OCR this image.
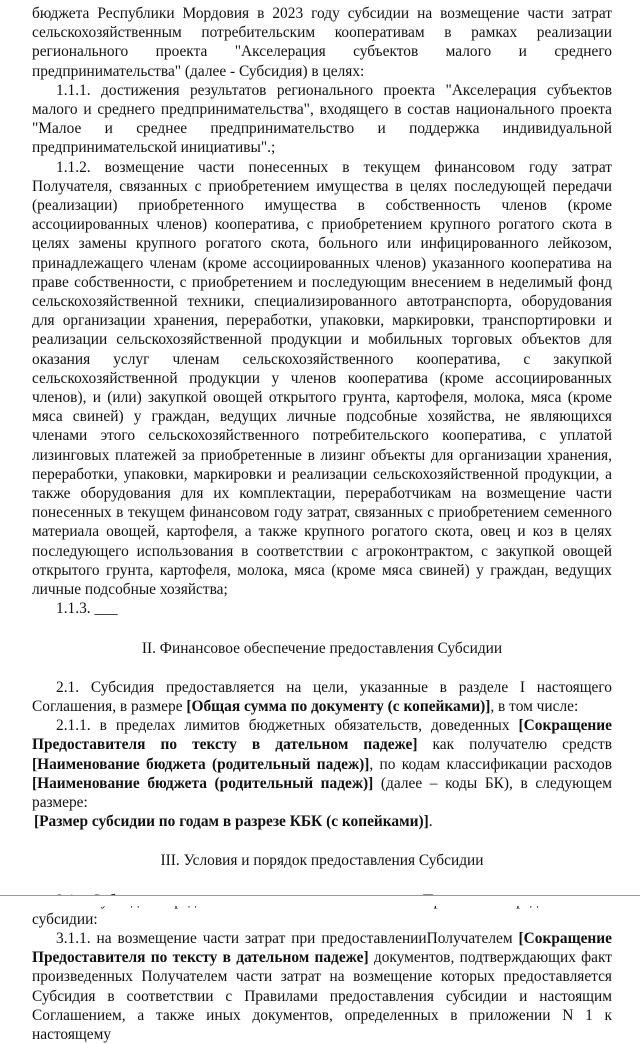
бюджета Республики Мордовия в 2023 году субсидии на возмещение части затрат сельскохозяйственным потребительским кооперативам в рамках реализации регионального проекта "Акселерация субъектов малого и среднего предпринимательства" (далее - Субсидия) в целях:

1.1.1. достижения результатов регионального проекта "Акселерация субъектов малого и среднего предпринимательства", входящего в состав национального проекта "Малое и среднее предпринимательство и поддержка индивидуальной предпринимательской инициативы".;

1.1.2. возмещение части понесенных в текущем финансовом году затрат Получателя, связанных с приобретением имущества в целях последующей передачи (реализации) приобретенного имущества в собственность членов (кроме ассоциированных членов) кооператива, с приобретением крупного рогатого скота в целях замены крупного рогатого скота, больного или инфицированного лейкозом, принадлежащего членам (кроме ассоциированных членов) указанного кооператива на праве собственности, с приобретением и последующим внесением в неделимый фонд сельскохозяйственной техники, специализированного автотранспорта, оборудования для организации хранения, переработки, упаковки, маркировки, транспортировки и реализации сельскохозяйственной продукции и мобильных торговых объектов для оказания услуг членам сельскохозяйственного кооператива, с закупкой сельскохозяйственной продукции у членов кооператива (кроме ассоциированных членов), и (или) закупкой овощей открытого грунта, картофеля, молока, мяса (кроме мяса свиней) у граждан, ведущих личные подсобные хозяйства, не являющихся членами этого сельскохозяйственного потребительского кооператива, с уплатой лизинговых платежей за приобретенные в лизинг объекты для организации хранения, переработки, упаковки, маркировки и реализации сельскохозяйственной продукции, а также оборудования для их комплектации, переработчикам на возмещение части понесенных в текущем финансовом году затрат, связанных с приобретением семенного материала овощей, картофеля, а также крупного рогатого скота, овец и коз в целях последующего использования в соответствии с агроконтрактом, с закупкой овощей открытого грунта, картофеля, молока, мяса (кроме мяса свиней) у граждан, ведущих личные подсобные хозяйства;

1.1.3. ___

II. Финансовое обеспечение предоставления Субсидии

2.1. Субсидия предоставляется на цели, указанные в разделе I настоящего Соглашения, в размере [Общая сумма по документу (с копейками)], в том числе:

2.1.1. в пределах лимитов бюджетных обязательств, доведенных [Сокращение Предоставителя по тексту в дательном падеже] как получателю средств [Наименование бюджета (родительный падеж)], по кодам классификации расходов [Наименование бюджета (родительный падеж)] (далее – коды БК), в следующем размере:

[Размер субсидии по годам в разрезе КБК (с копейками)].

III. Условия и порядок предоставления Субсидии

субсидии:

3.1.1. на возмещение части затрат при предоставленииПолучателем [Сокращение Предоставителя по тексту в дательном падеже] документов, подтверждающих факт произведенных Получателем части затрат на возмещение которых предоставляется Субсидия в соответствии с Правилами предоставления субсидии и настоящим Соглашением, а также иных документов, определенных в приложении N 1 к настоящему
